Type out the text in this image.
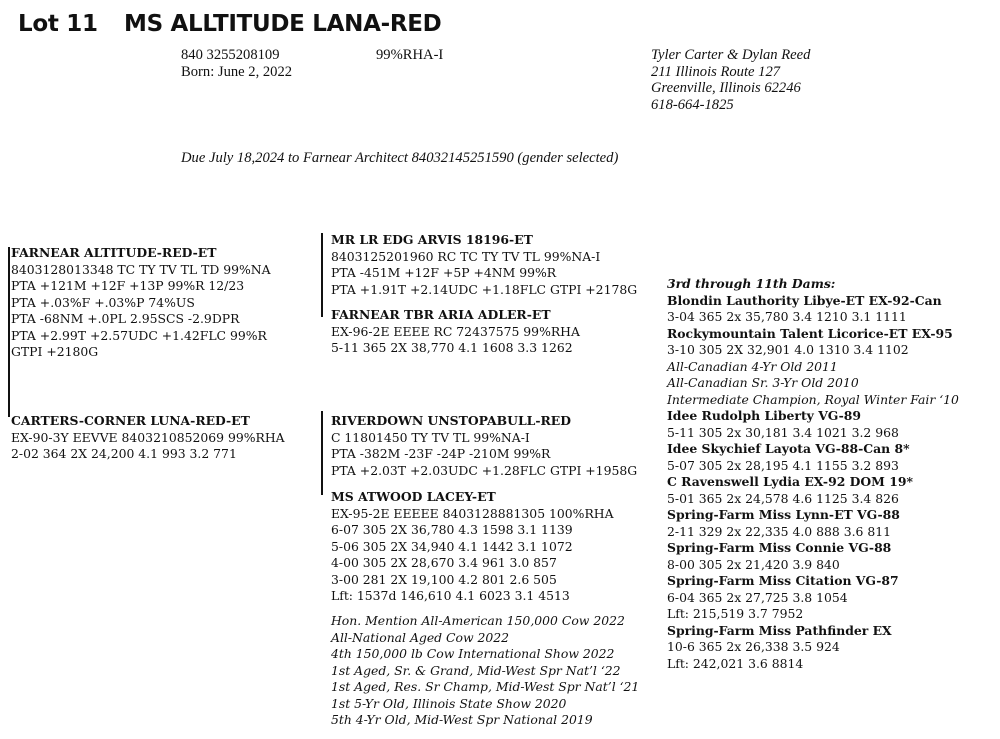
Lot 11 MS ALLTITUDE LANA-RED
840 3255208109
Born: June 2, 2022
99%RHA-I	Tyler Carter & Dylan Reed
211 Illinois Route 127
Greenville, Illinois 62246
618-664-1825
Due July 18,2024 to Farnear Architect 84032145251590 (gender selected)
FARNEAR ALTITUDE-RED-ET
8403128013348 TC TY TV TL TD 99%NA
PTA +121M +12F +13P 99%R 12/23
PTA +.03%F +.03%P 74%US
PTA -68NM +.0PL 2.95SCS -2.9DPR
PTA +2.99T +2.57UDC +1.42FLC 99%R
GTPI +2180G
CARTERS-CORNER LUNA-RED-ET
EX-90-3Y EEVVE 8403210852069 99%RHA
2-02 364 2X 24,200 4.1 993 3.2 771
MR LR EDG ARVIS 18196-ET
8403125201960 RC TC TY TV TL 99%NA-I
PTA -451M +12F +5P +4NM 99%R
PTA +1.91T +2.14UDC +1.18FLC GTPI +2178G
FARNEAR TBR ARIA ADLER-ET
EX-96-2E EEEE RC 72437575 99%RHA
5-11 365 2X 38,770 4.1 1608 3.3 1262
RIVERDOWN UNSTOPABULL-RED
C 11801450 TY TV TL 99%NA-I
PTA -382M -23F -24P -210M 99%R
PTA +2.03T +2.03UDC +1.28FLC GTPI +1958G
MS ATWOOD LACEY-ET
EX-95-2E EEEEE 8403128881305 100%RHA
6-07 305 2X 36,780 4.3 1598 3.1 1139
5-06 305 2X 34,940 4.1 1442 3.1 1072
4-00 305 2X 28,670 3.4 961 3.0 857
3-00 281 2X 19,100 4.2 801 2.6 505
Lft: 1537d 146,610 4.1 6023 3.1 4513
Hon. Mention All-American 150,000 Cow 2022
All-National Aged Cow 2022
4th 150,000 lb Cow International Show 2022
1st Aged, Sr. & Grand, Mid-West Spr Nat’l ‘22
1st Aged, Res. Sr Champ, Mid-West Spr Nat’l ‘21
1st 5-Yr Old, Illinois State Show 2020
5th 4-Yr Old, Mid-West Spr National 2019
3rd through 11th Dams:
Blondin Lauthority Libye-ET EX-92-Can
3-04 365 2x 35,780 3.4 1210 3.1 1111
Rockymountain Talent Licorice-ET EX-95
3-10 305 2X 32,901 4.0 1310 3.4 1102
All-Canadian 4-Yr Old 2011
All-Canadian Sr. 3-Yr Old 2010
Intermediate Champion, Royal Winter Fair ‘10
Idee Rudolph Liberty VG-89
5-11 305 2x 30,181 3.4 1021 3.2 968
Idee Skychief Layota VG-88-Can 8*
5-07 305 2x 28,195 4.1 1155 3.2 893
C Ravenswell Lydia EX-92 DOM 19*
5-01 365 2x 24,578 4.6 1125 3.4 826
Spring-Farm Miss Lynn-ET VG-88
2-11 329 2x 22,335 4.0 888 3.6 811
Spring-Farm Miss Connie VG-88
8-00 305 2x 21,420 3.9 840
Spring-Farm Miss Citation VG-87
6-04 365 2x 27,725 3.8 1054
Lft: 215,519 3.7 7952
Spring-Farm Miss Pathfinder EX
10-6 365 2x 26,338 3.5 924
Lft: 242,021 3.6 8814
